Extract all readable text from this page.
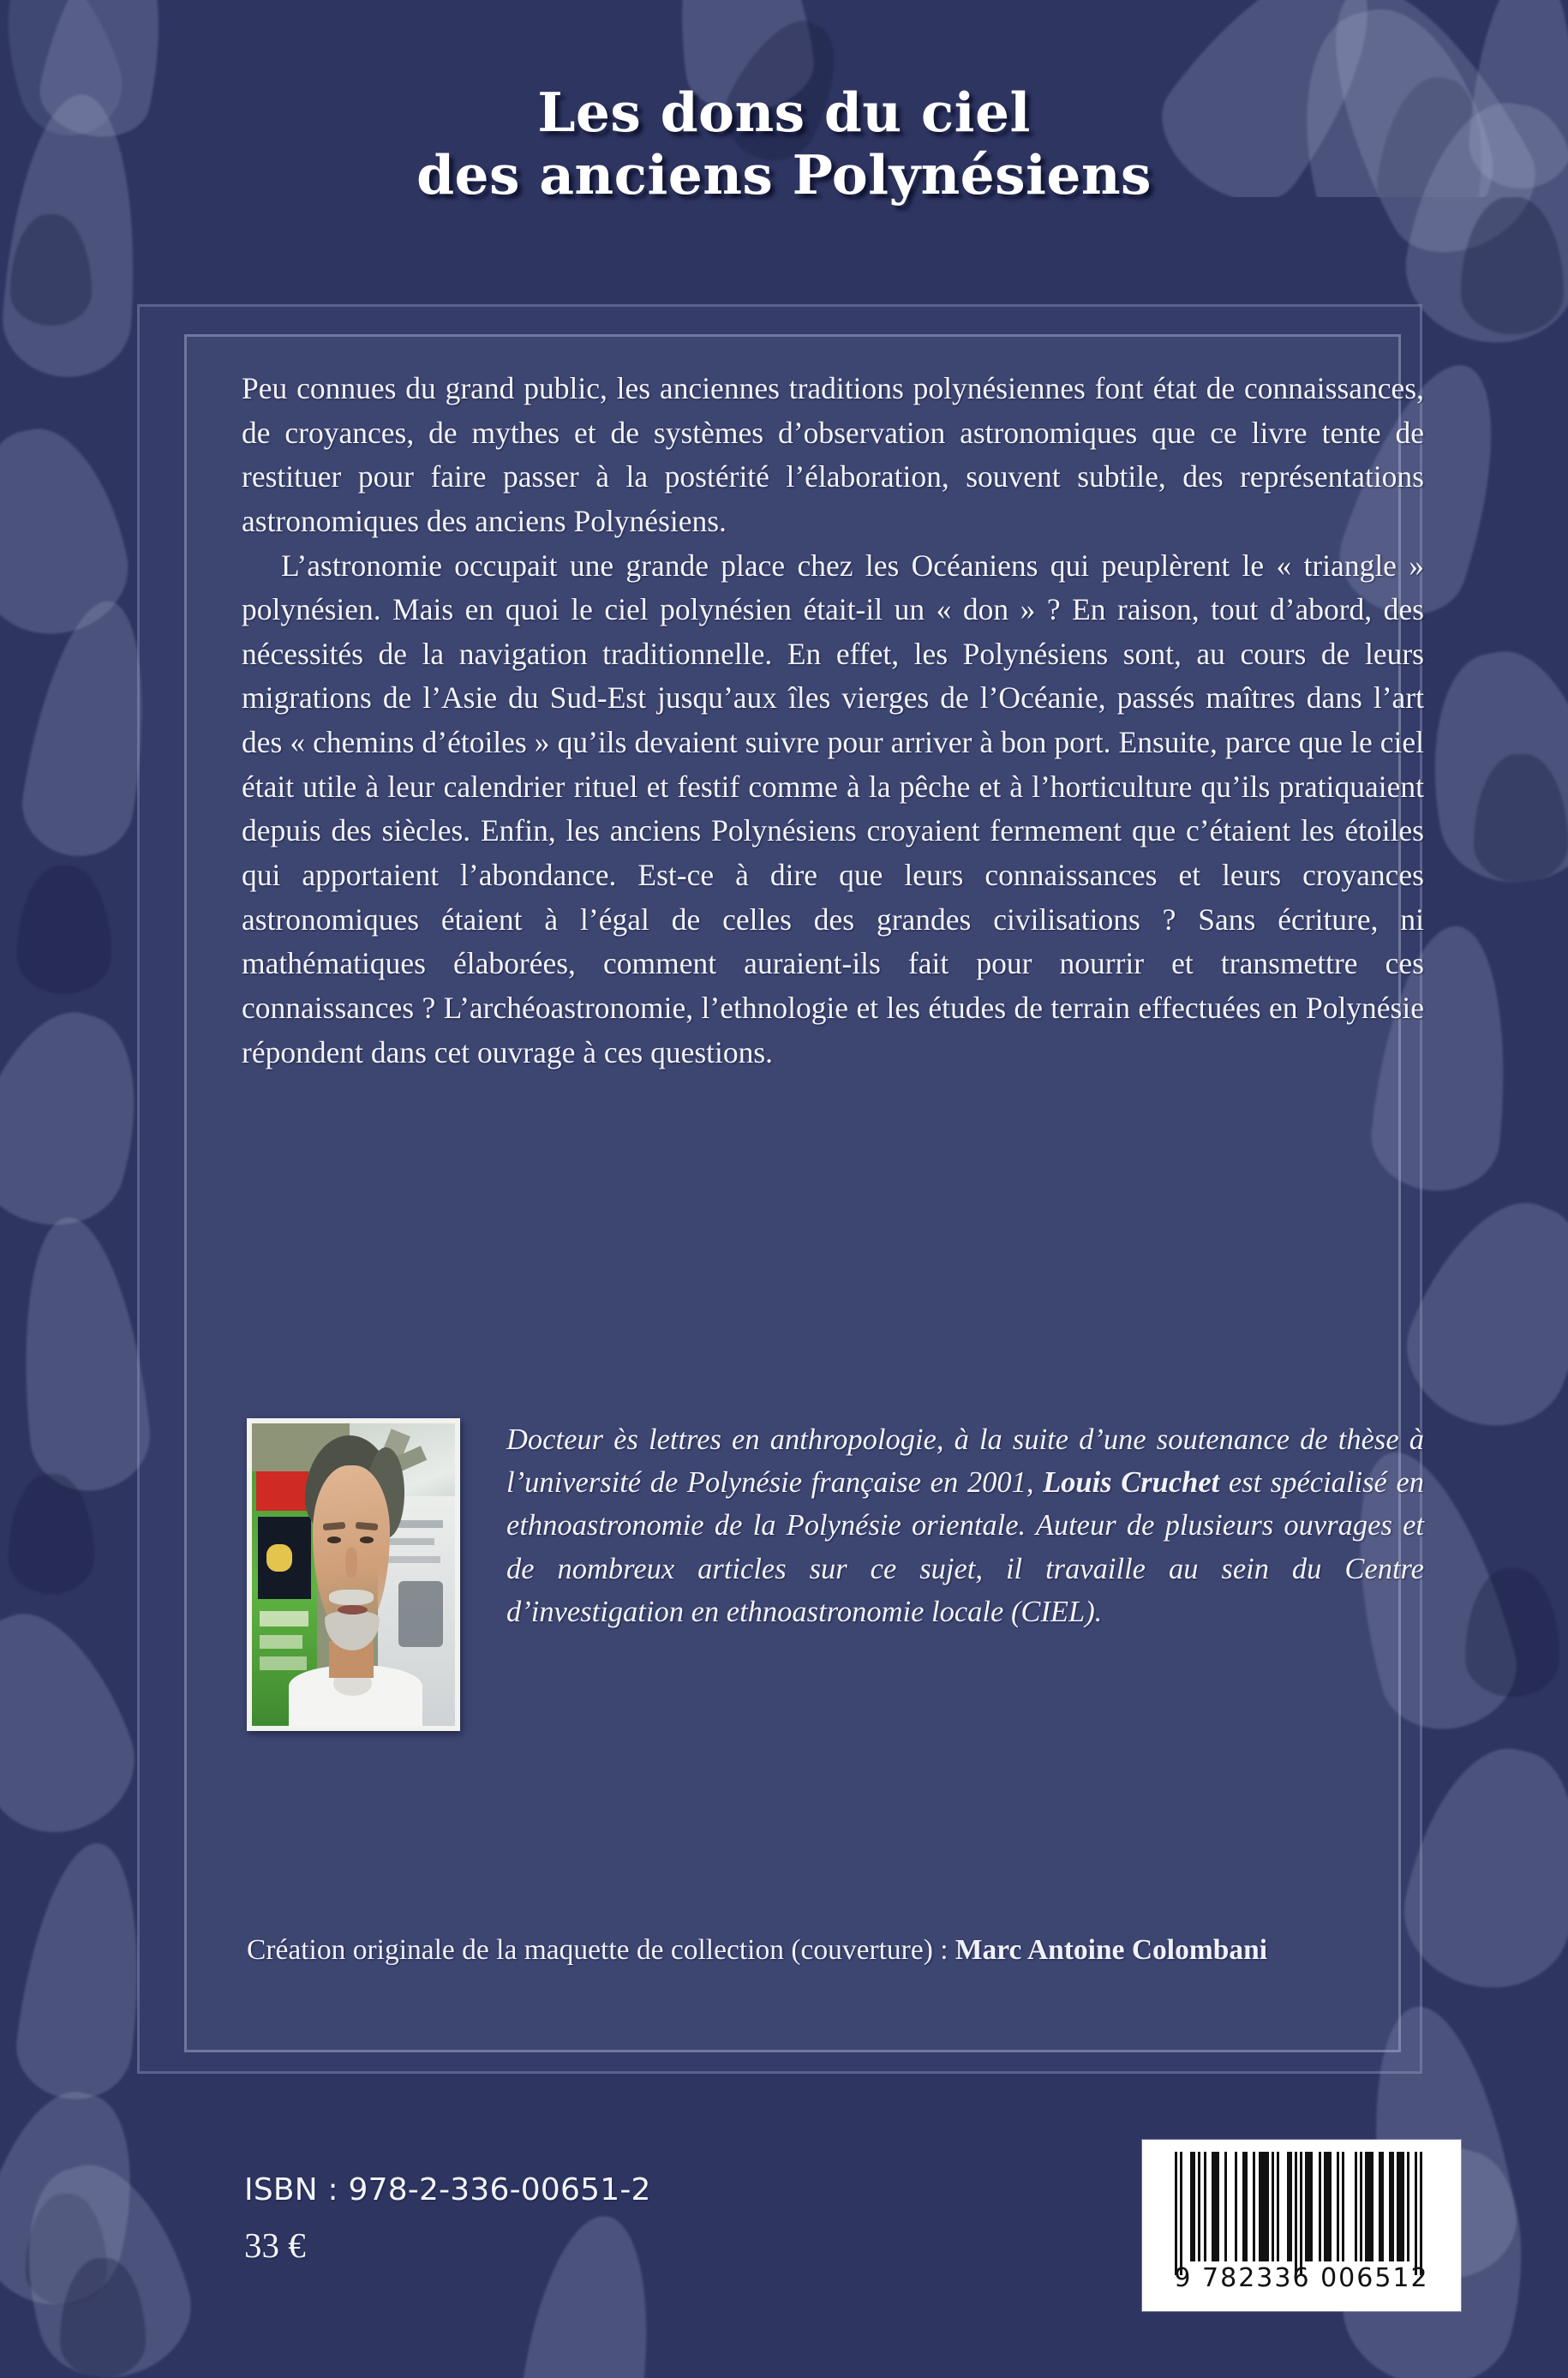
Les dons du ciel
des anciens Polynésiens

Peu connues du grand public, les anciennes traditions polynésiennes font état de connaissances, de croyances, de mythes et de systèmes d’observation astronomiques que ce livre tente de restituer pour faire passer à la postérité l’élaboration, souvent subtile, des représentations astronomiques des anciens Polynésiens.

L’astronomie occupait une grande place chez les Océaniens qui peuplèrent le « triangle » polynésien. Mais en quoi le ciel polynésien était-il un « don » ? En raison, tout d’abord, des nécessités de la navigation traditionnelle. En effet, les Polynésiens sont, au cours de leurs migrations de l’Asie du Sud-Est jusqu’aux îles vierges de l’Océanie, passés maîtres dans l’art des « chemins d’étoiles » qu’ils devaient suivre pour arriver à bon port. Ensuite, parce que le ciel était utile à leur calendrier rituel et festif comme à la pêche et à l’horticulture qu’ils pratiquaient depuis des siècles. Enfin, les anciens Polynésiens croyaient fermement que c’étaient les étoiles qui apportaient l’abondance. Est-ce à dire que leurs connaissances et leurs croyances astronomiques étaient à l’égal de celles des grandes civilisations ? Sans écriture, ni mathématiques élaborées, comment auraient-ils fait pour nourrir et transmettre ces connaissances ? L’archéoastronomie, l’ethnologie et les études de terrain effectuées en Polynésie répondent dans cet ouvrage à ces questions.

Docteur ès lettres en anthropologie, à la suite d’une soutenance de thèse à l’université de Polynésie française en 2001, Louis Cruchet est spécialisé en ethnoastronomie de la Polynésie orientale. Auteur de plusieurs ouvrages et de nombreux articles sur ce sujet, il travaille au sein du Centre d’investigation en ethnoastronomie locale (CIEL).

Création originale de la maquette de collection (couverture) : Marc Antoine Colombani
ISBN : 978-2-336-00651-2
33 €
9 782336 006512
